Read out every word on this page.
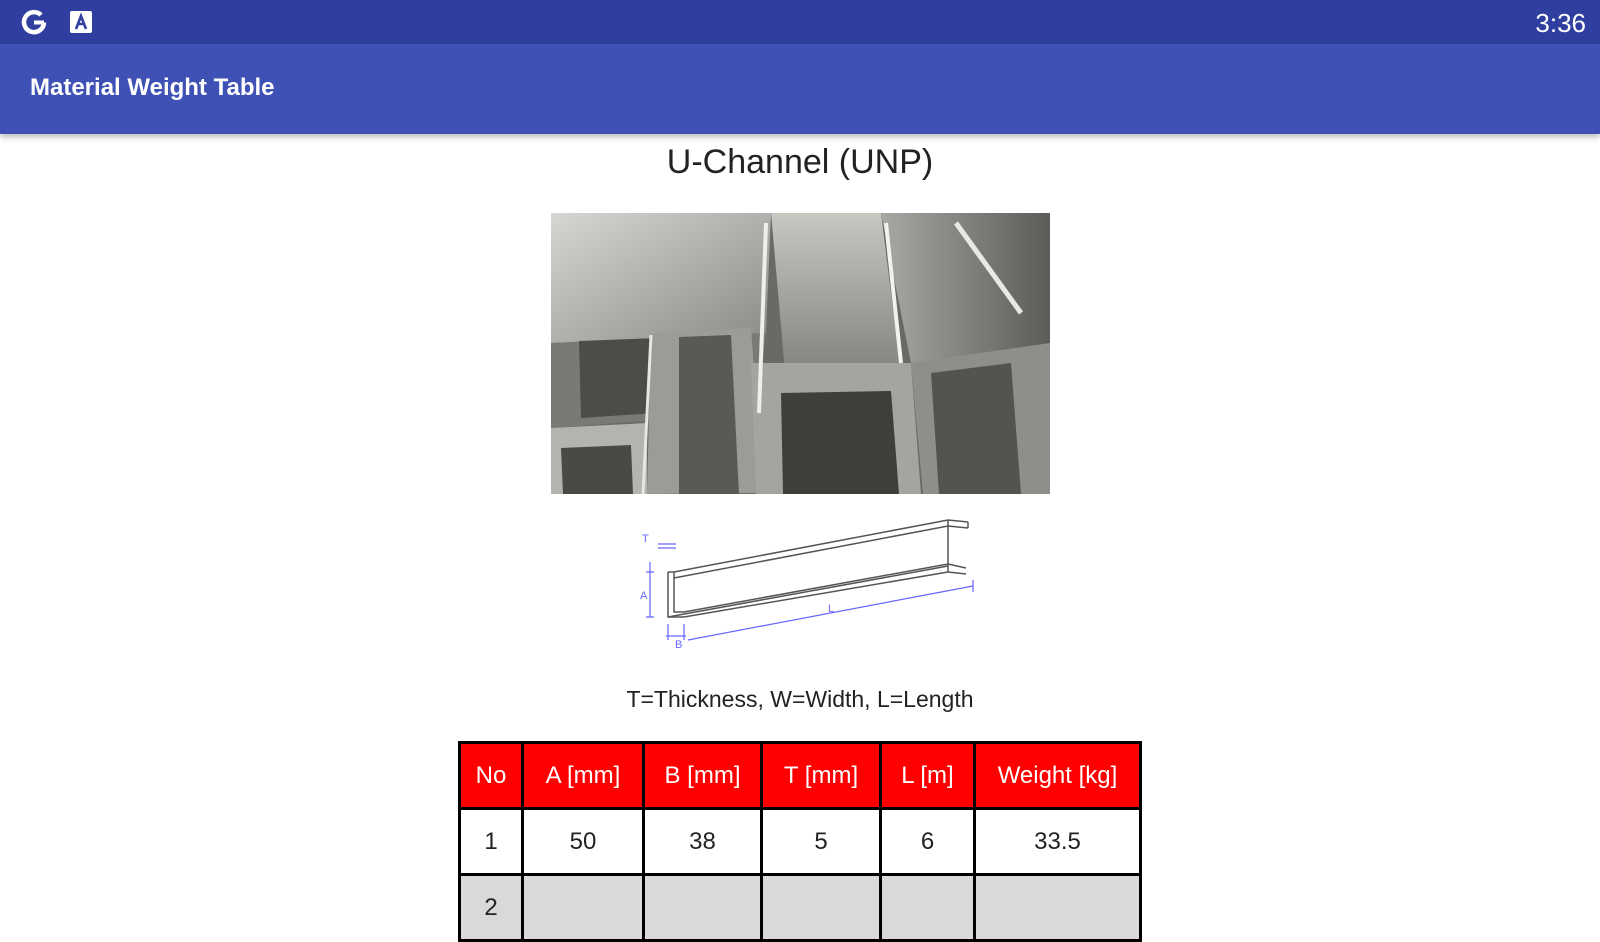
3:36
Material Weight Table
U-Channel (UNP)
T
A
B
L
T=Thickness, W=Width, L=Length
No	A [mm]	B [mm]	T [mm]	L [m]	Weight [kg]
1	50	38	5	6	33.5
2					
